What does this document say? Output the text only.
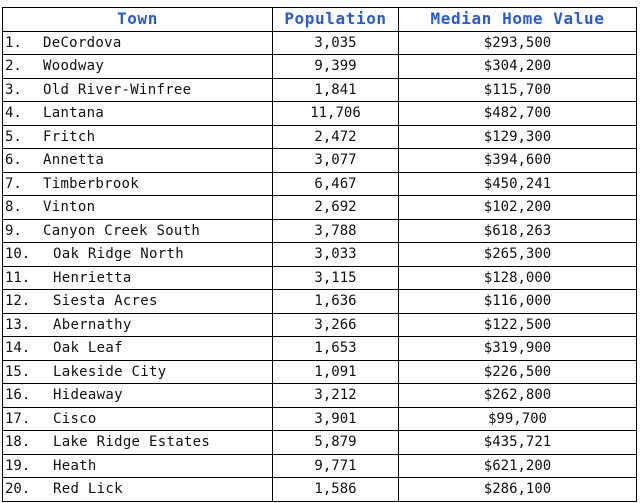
Town	Population	Median Home Value
1. DeCordova	3,035	$293,500
2. Woodway	9,399	$304,200
3. Old River-Winfree	1,841	$115,700
4. Lantana	11,706	$482,700
5. Fritch	2,472	$129,300
6. Annetta	3,077	$394,600
7. Timberbrook	6,467	$450,241
8. Vinton	2,692	$102,200
9. Canyon Creek South	3,788	$618,263
10. Oak Ridge North	3,033	$265,300
11. Henrietta	3,115	$128,000
12. Siesta Acres	1,636	$116,000
13. Abernathy	3,266	$122,500
14. Oak Leaf	1,653	$319,900
15. Lakeside City	1,091	$226,500
16. Hideaway	3,212	$262,800
17. Cisco	3,901	$99,700
18. Lake Ridge Estates	5,879	$435,721
19. Heath	9,771	$621,200
20. Red Lick	1,586	$286,100
